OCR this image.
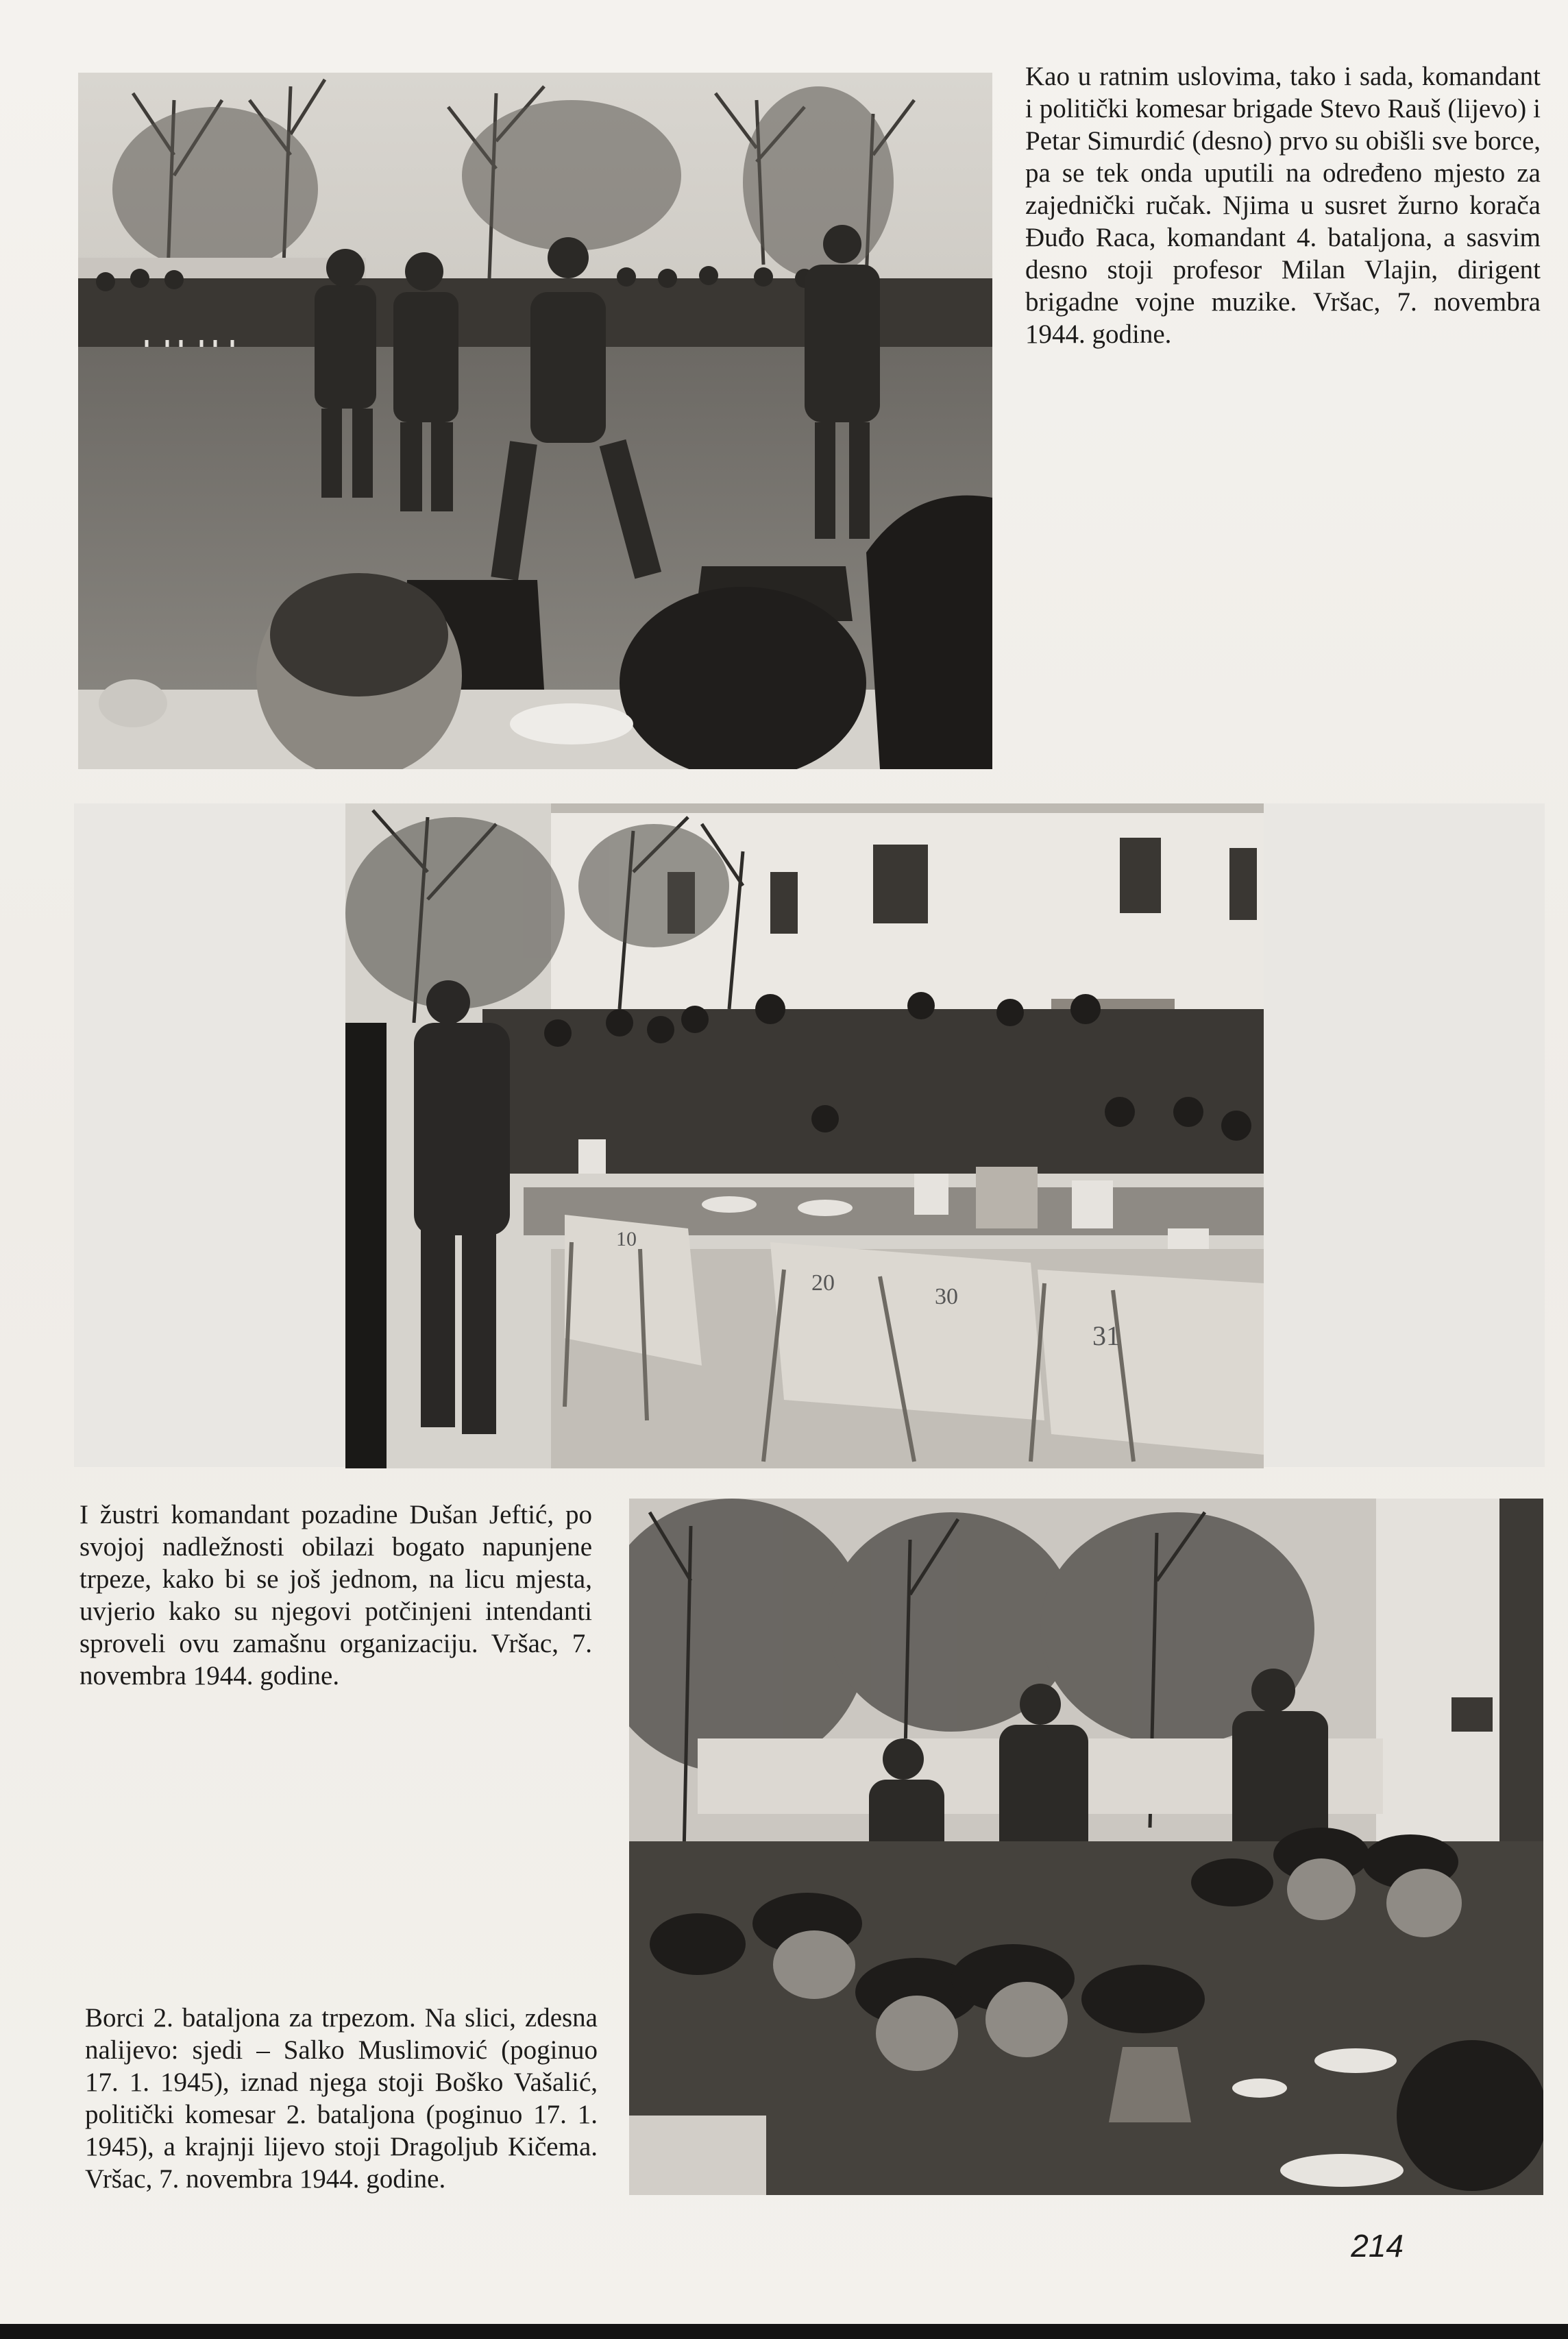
Kao u ratnim uslovima, tako i sada, komandant i politički komesar brigade Stevo Rauš (lijevo) i Petar Simurdić (desno) prvo su obišli sve borce, pa se tek onda uputili na određeno mjesto za zajednički ručak. Njima u susret žurno korača Đuđo Raca, komandant 4. bataljona, a sasvim desno stoji profesor Milan Vlajin, dirigent brigadne vojne muzike. Vršac, 7. novembra 1944. godine.

10
20
30
31

I žustri komandant pozadine Dušan Jeftić, po svojoj nadležnosti obilazi bogato napunjene trpeze, kako bi se još jednom, na licu mjesta, uvjerio kako su njegovi potčinjeni intendanti sproveli ovu zamašnu organizaciju. Vršac, 7. novembra 1944. godine.

Borci 2. bataljona za trpezom. Na slici, zdesna nalijevo: sjedi – Salko Muslimović (poginuo 17. 1. 1945), iznad njega stoji Boško Vašalić, politički komesar 2. bataljona (poginuo 17. 1. 1945), a krajnji lijevo stoji Dragoljub Kičema. Vršac, 7. novembra 1944. godine.

214
